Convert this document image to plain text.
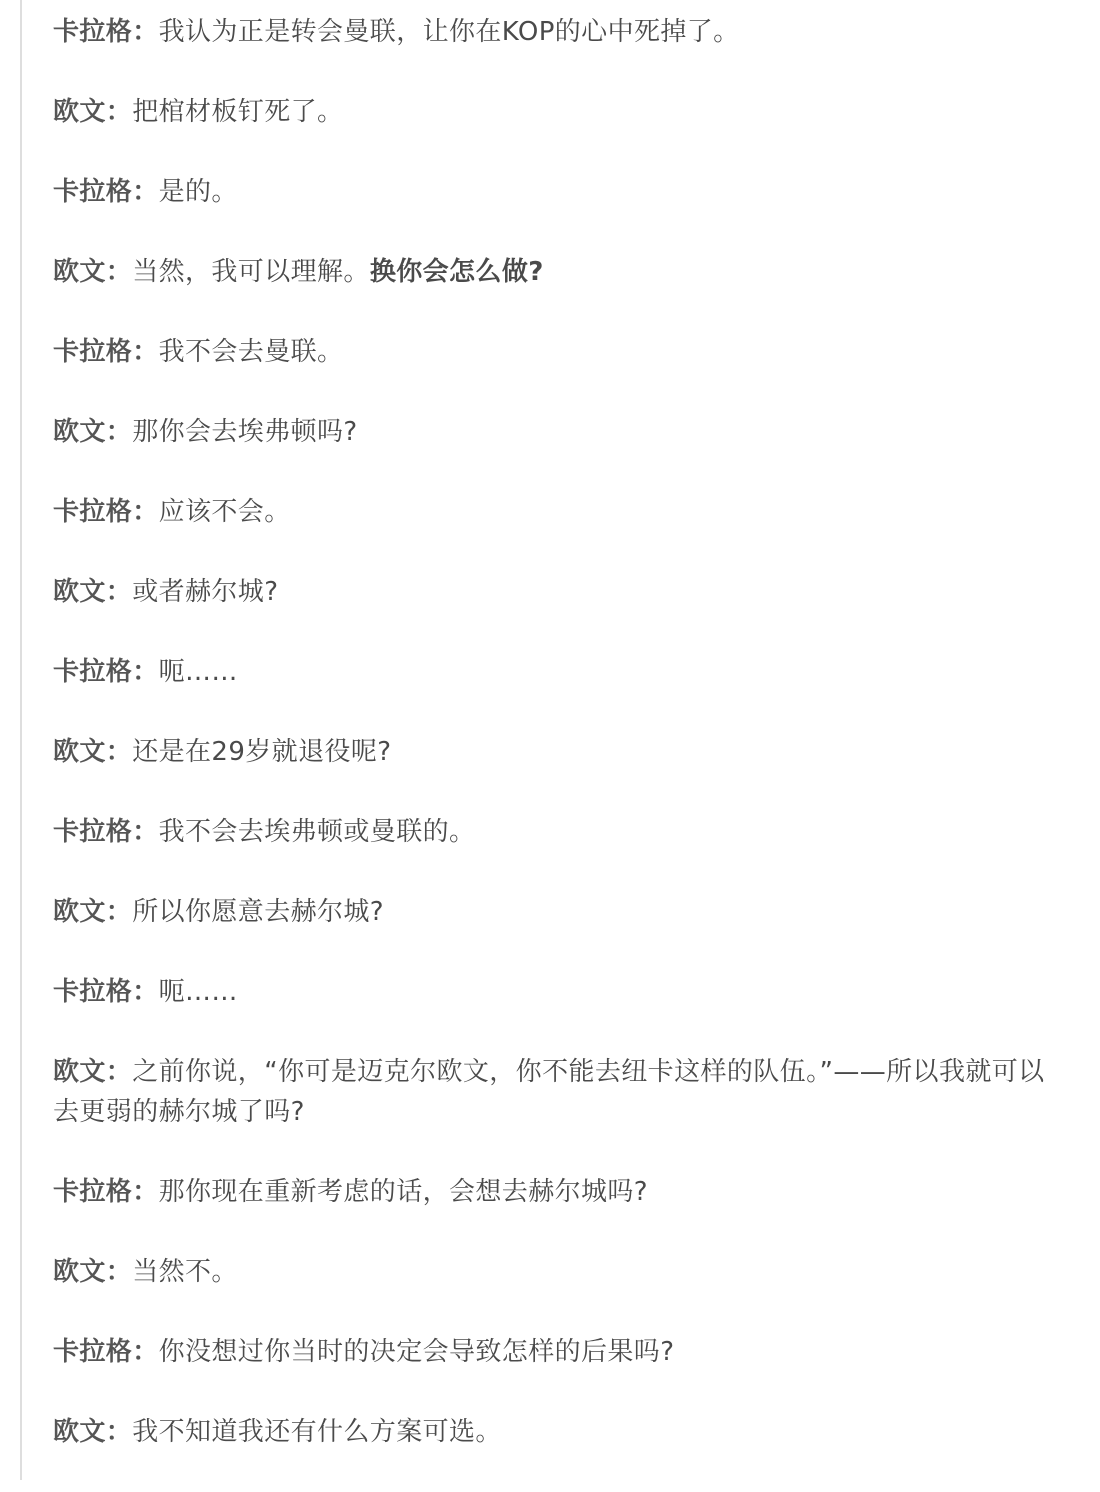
卡拉格：我认为正是转会曼联，让你在KOP的心中死掉了。

欧文：把棺材板钉死了。

卡拉格：是的。

欧文：当然，我可以理解。换你会怎么做?

卡拉格：我不会去曼联。

欧文：那你会去埃弗顿吗?

卡拉格：应该不会。

欧文：或者赫尔城?

卡拉格：呃……

欧文：还是在29岁就退役呢?

卡拉格：我不会去埃弗顿或曼联的。

欧文：所以你愿意去赫尔城?

卡拉格：呃……

欧文：之前你说，“你可是迈克尔欧文，你不能去纽卡这样的队伍。”——所以我就可以去更弱的赫尔城了吗?

卡拉格：那你现在重新考虑的话，会想去赫尔城吗?

欧文：当然不。

卡拉格：你没想过你当时的决定会导致怎样的后果吗?

欧文：我不知道我还有什么方案可选。
